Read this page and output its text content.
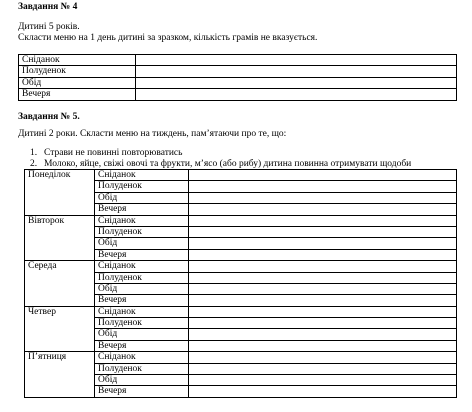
Завдання № 4
Дитині 5 років.
Скласти меню на 1 день дитині за зразком, кількість грамів не вказується.
Сніданок	
Полуденок	
Обід	
Вечеря	
Завдання № 5.
Дитині 2 роки. Скласти меню на тиждень, пам’ятаючи про те, що:
1. Страви не повинні повторюватись
2. Молоко, яйце, свіжі овочі та фрукти, м’ясо (або рибу) дитина повинна отримувати щодоби
Понеділок	Сніданок	
	Полуденок	
	Обід	
	Вечеря	
Вівторок	Сніданок	
	Полуденок	
	Обід	
	Вечеря	
Середа	Сніданок	
	Полуденок	
	Обід	
	Вечеря	
Четвер	Сніданок	
	Полуденок	
	Обід	
	Вечеря	
П’ятниця	Сніданок	
	Полуденок	
	Обід	
	Вечеря	
